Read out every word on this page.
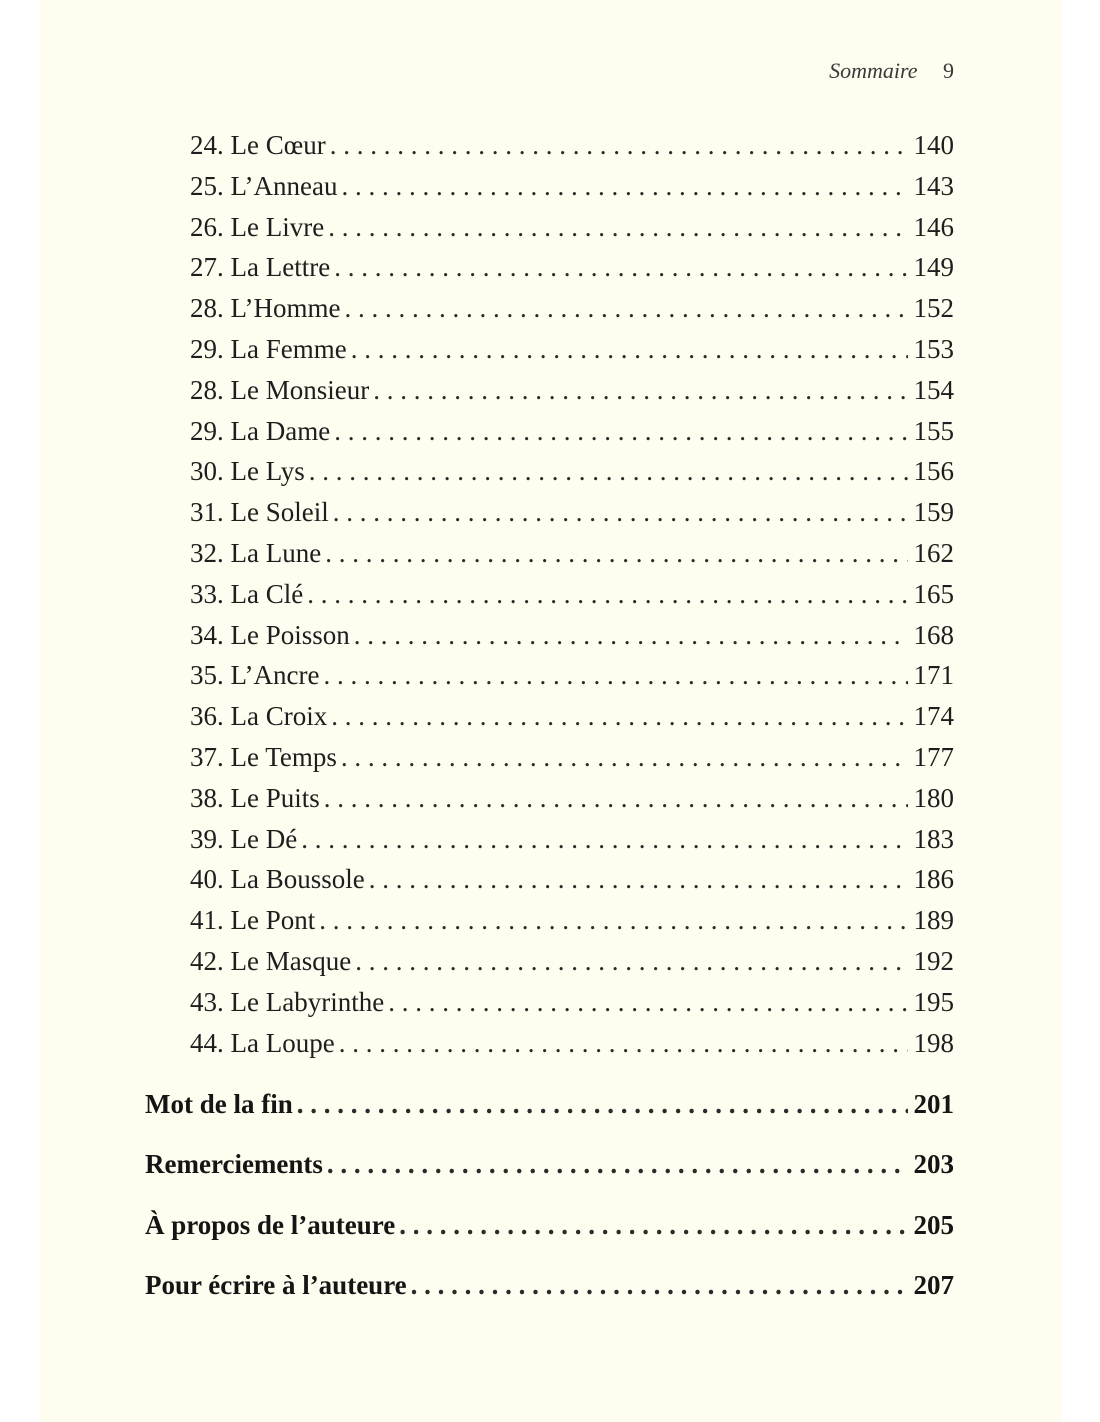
Sommaire 9
24. Le Cœur . . .	140
25. L’Anneau . . .	143
26. Le Livre . . .	146
27. La Lettre . . .	149
28. L’Homme . . .	152
29. La Femme . . .	153
28. Le Monsieur . . .	154
29. La Dame . . .	155
30. Le Lys . . .	156
31. Le Soleil . . .	159
32. La Lune . . .	162
33. La Clé . . .	165
34. Le Poisson . . .	168
35. L’Ancre . . .	171
36. La Croix . . .	174
37. Le Temps . . .	177
38. Le Puits . . .	180
39. Le Dé . . .	183
40. La Boussole . . .	186
41. Le Pont . . .	189
42. Le Masque . . .	192
43. Le Labyrinthe . . .	195
44. La Loupe . . .	198
Mot de la fin . . .	201
Remerciements . . .	203
À propos de l’auteure . . .	205
Pour écrire à l’auteure . . .	207
